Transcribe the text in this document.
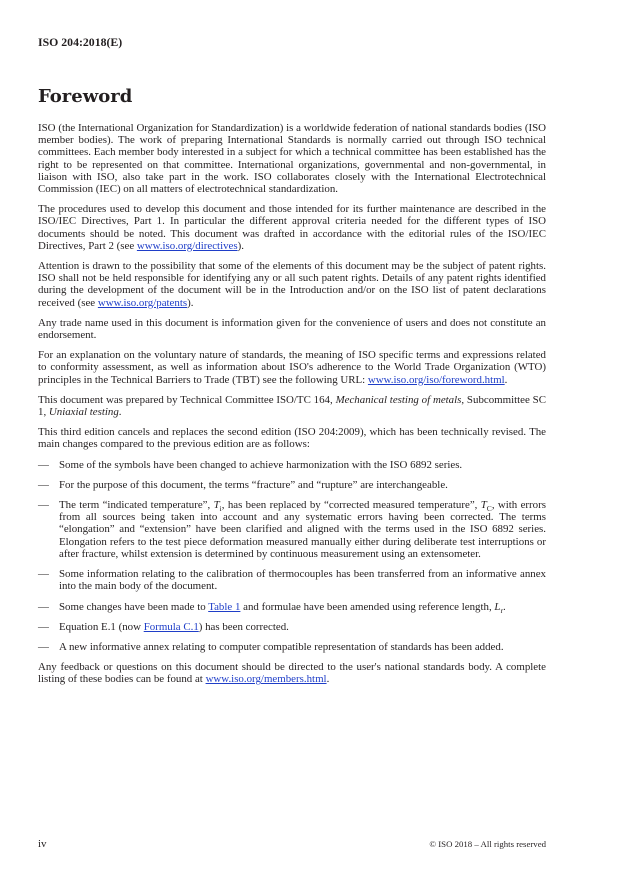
ISO 204:2018(E)
Foreword

ISO (the International Organization for Standardization) is a worldwide federation of national standards bodies (ISO member bodies). The work of preparing International Standards is normally carried out through ISO technical committees. Each member body interested in a subject for which a technical committee has been established has the right to be represented on that committee. International organizations, governmental and non-governmental, in liaison with ISO, also take part in the work. ISO collaborates closely with the International Electrotechnical Commission (IEC) on all matters of electrotechnical standardization.

The procedures used to develop this document and those intended for its further maintenance are described in the ISO/IEC Directives, Part 1. In particular the different approval criteria needed for the different types of ISO documents should be noted. This document was drafted in accordance with the editorial rules of the ISO/IEC Directives, Part 2 (see www.iso.org/directives).

Attention is drawn to the possibility that some of the elements of this document may be the subject of patent rights. ISO shall not be held responsible for identifying any or all such patent rights. Details of any patent rights identified during the development of the document will be in the Introduction and/or on the ISO list of patent declarations received (see www.iso.org/patents).

Any trade name used in this document is information given for the convenience of users and does not constitute an endorsement.

For an explanation on the voluntary nature of standards, the meaning of ISO specific terms and expressions related to conformity assessment, as well as information about ISO's adherence to the World Trade Organization (WTO) principles in the Technical Barriers to Trade (TBT) see the following URL: www.iso.org/iso/foreword.html.

This document was prepared by Technical Committee ISO/TC 164, Mechanical testing of metals, Subcommittee SC 1, Uniaxial testing.

This third edition cancels and replaces the second edition (ISO 204:2009), which has been technically revised. The main changes compared to the previous edition are as follows:

— Some of the symbols have been changed to achieve harmonization with the ISO 6892 series.
— For the purpose of this document, the terms “fracture” and “rupture” are interchangeable.
— The term “indicated temperature”, $T_i$, has been replaced by “corrected measured temperature”, $T_C$, with errors from all sources being taken into account and any systematic errors having been corrected. The terms “elongation” and “extension” have been clarified and aligned with the terms used in the ISO 6892 series. Elongation refers to the test piece deformation measured manually either during deliberate test interruptions or after fracture, whilst extension is determined by continuous measurement using an extensometer.
— Some information relating to the calibration of thermocouples has been transferred from an informative annex into the main body of the document.
— Some changes have been made to Table 1 and formulae have been amended using reference length, $L_r$.
— Equation E.1 (now Formula C.1) has been corrected.
— A new informative annex relating to computer compatible representation of standards has been added.

Any feedback or questions on this document should be directed to the user's national standards body. A complete listing of these bodies can be found at www.iso.org/members.html.

iv	© ISO 2018 – All rights reserved
